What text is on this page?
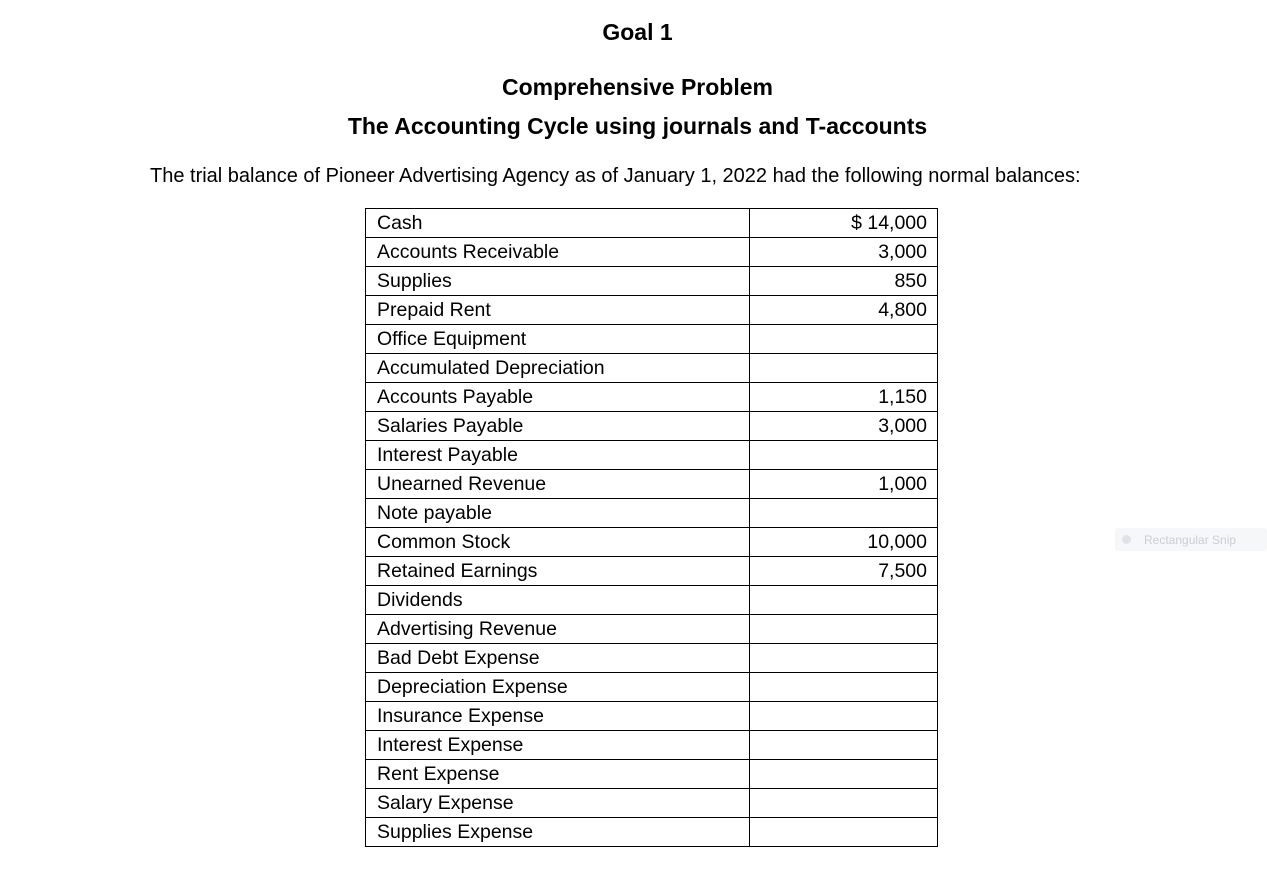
Goal 1
Comprehensive Problem
The Accounting Cycle using journals and T-accounts
The trial balance of Pioneer Advertising Agency as of January 1, 2022 had the following normal balances:
Cash	$ 14,000
Accounts Receivable	3,000
Supplies	850
Prepaid Rent	4,800
Office Equipment	
Accumulated Depreciation	
Accounts Payable	1,150
Salaries Payable	3,000
Interest Payable	
Unearned Revenue	1,000
Note payable	
Common Stock	10,000
Retained Earnings	7,500
Dividends	
Advertising Revenue	
Bad Debt Expense	
Depreciation Expense	
Insurance Expense	
Interest Expense	
Rent Expense	
Salary Expense	
Supplies Expense	
Rectangular Snip
